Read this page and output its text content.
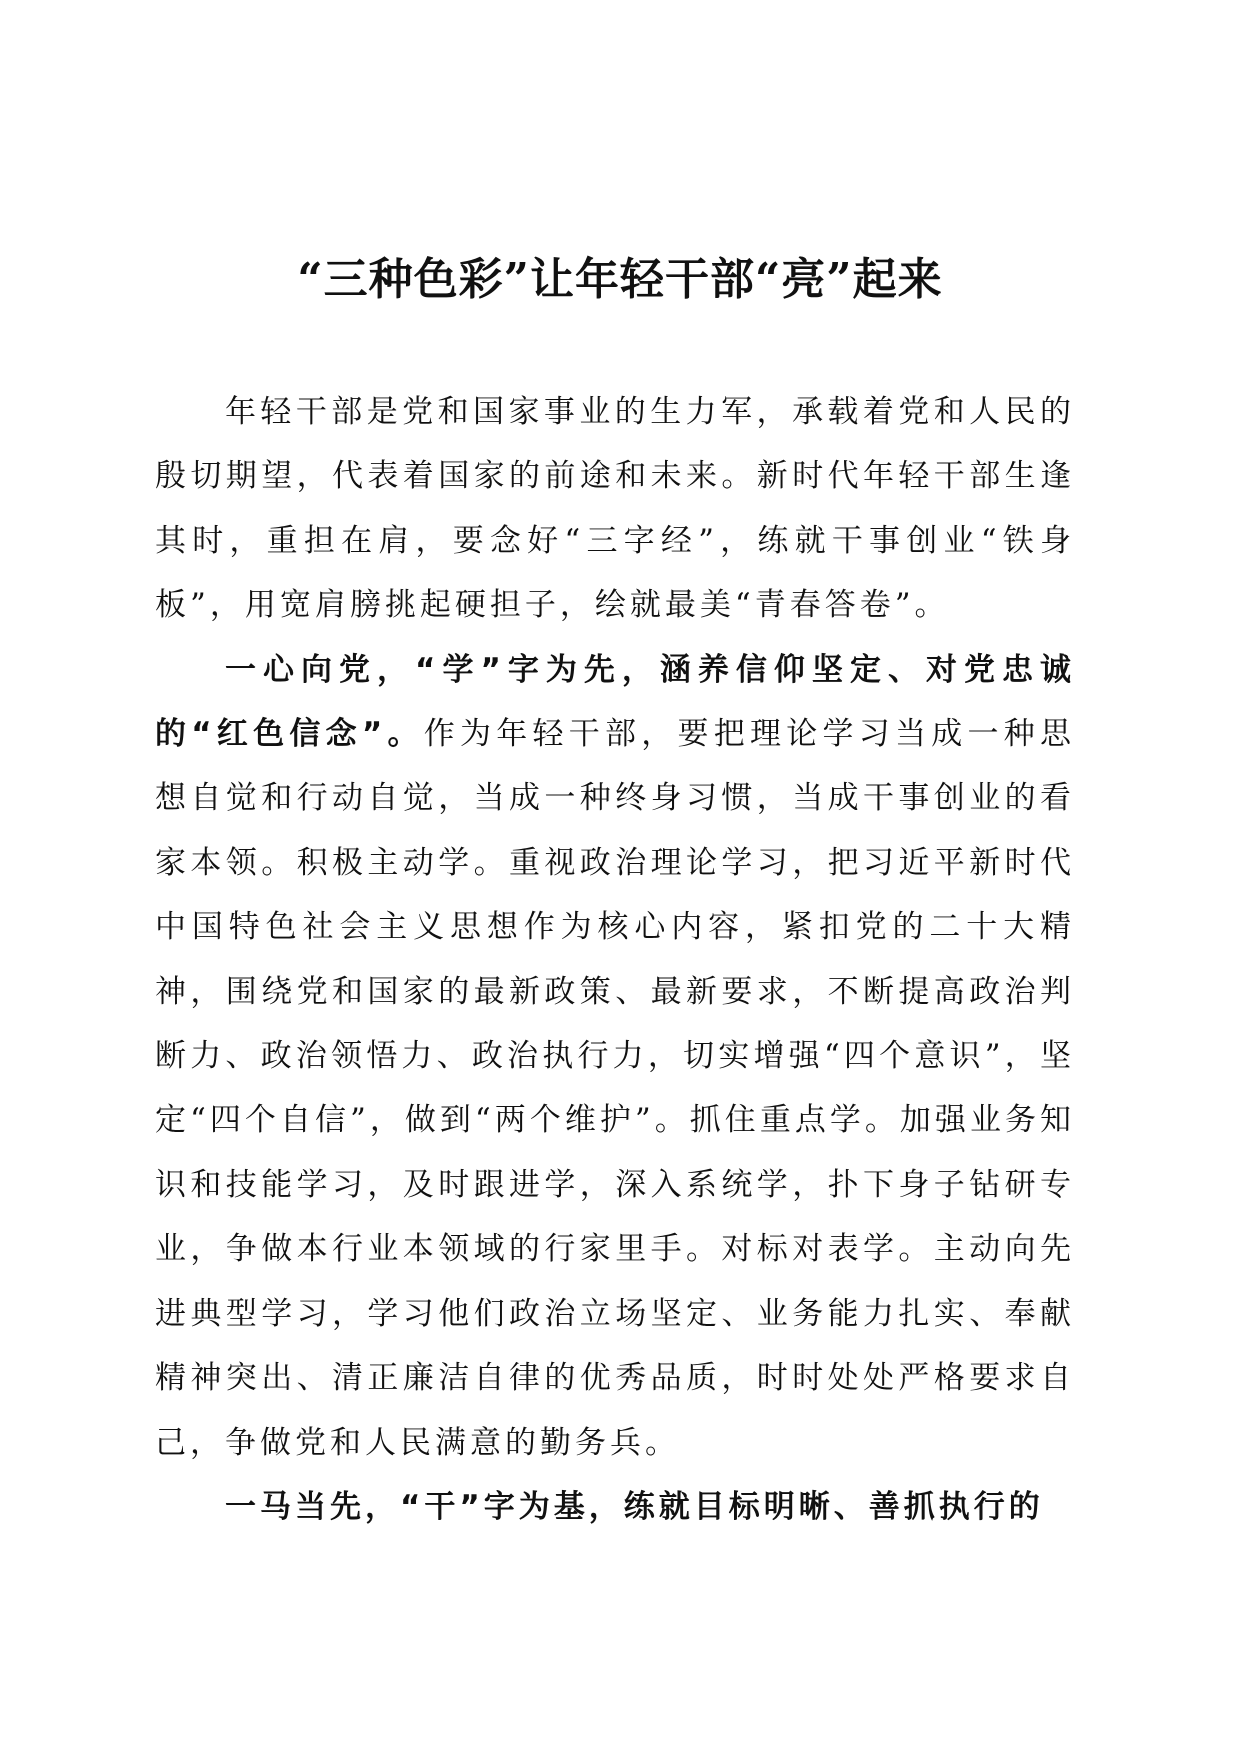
“三种色彩”让年轻干部“亮”起来

年轻干部是党和国家事业的生力军，承载着党和人民的殷切期望，代表着国家的前途和未来。新时代年轻干部生逢其时，重担在肩，要念好“三字经”，练就干事创业“铁身板”，用宽肩膀挑起硬担子，绘就最美“青春答卷”。

一心向党，“学”字为先，涵养信仰坚定、对党忠诚的“红色信念”。作为年轻干部，要把理论学习当成一种思想自觉和行动自觉，当成一种终身习惯，当成干事创业的看家本领。积极主动学。重视政治理论学习，把习近平新时代中国特色社会主义思想作为核心内容，紧扣党的二十大精神，围绕党和国家的最新政策、最新要求，不断提高政治判断力、政治领悟力、政治执行力，切实增强“四个意识”，坚定“四个自信”，做到“两个维护”。抓住重点学。加强业务知识和技能学习，及时跟进学，深入系统学，扑下身子钻研专业，争做本行业本领域的行家里手。对标对表学。主动向先进典型学习，学习他们政治立场坚定、业务能力扎实、奉献精神突出、清正廉洁自律的优秀品质，时时处处严格要求自己，争做党和人民满意的勤务兵。

一马当先，“干”字为基，练就目标明晰、善抓执行的
